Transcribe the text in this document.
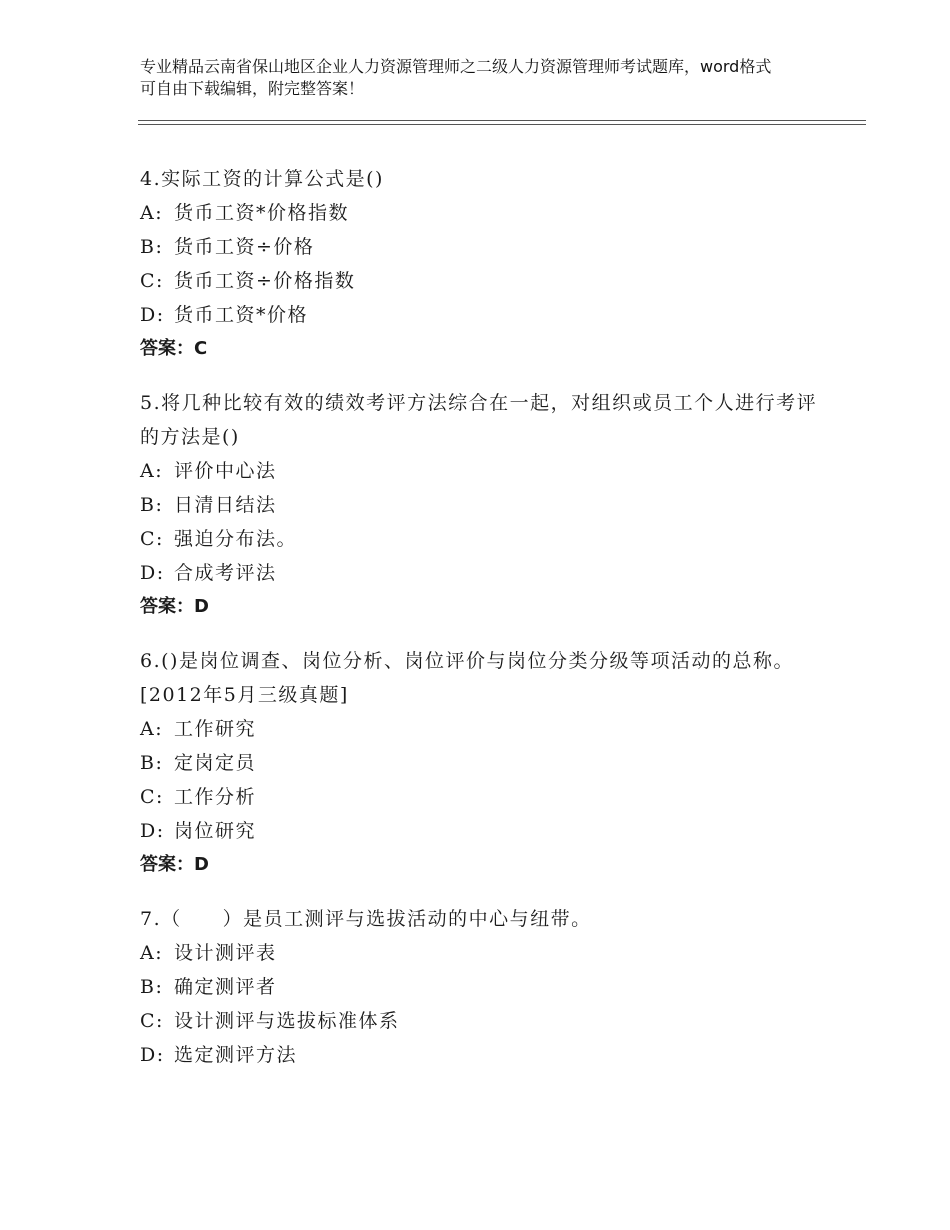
专业精品云南省保山地区企业人力资源管理师之二级人力资源管理师考试题库，word格式可自由下载编辑，附完整答案！

4.实际工资的计算公式是()

A: 货币工资*价格指数

B: 货币工资÷价格

C: 货币工资÷价格指数

D: 货币工资*价格

答案：C

5.将几种比较有效的绩效考评方法综合在一起，对组织或员工个人进行考评的方法是()

A: 评价中心法

B: 日清日结法

C: 强迫分布法。

D: 合成考评法

答案：D

6.()是岗位调查、岗位分析、岗位评价与岗位分类分级等项活动的总称。[2012年5月三级真题]

A: 工作研究

B: 定岗定员

C: 工作分析

D: 岗位研究

答案：D

7.（　　）是员工测评与选拔活动的中心与纽带。

A: 设计测评表

B: 确定测评者

C: 设计测评与选拔标准体系

D: 选定测评方法
